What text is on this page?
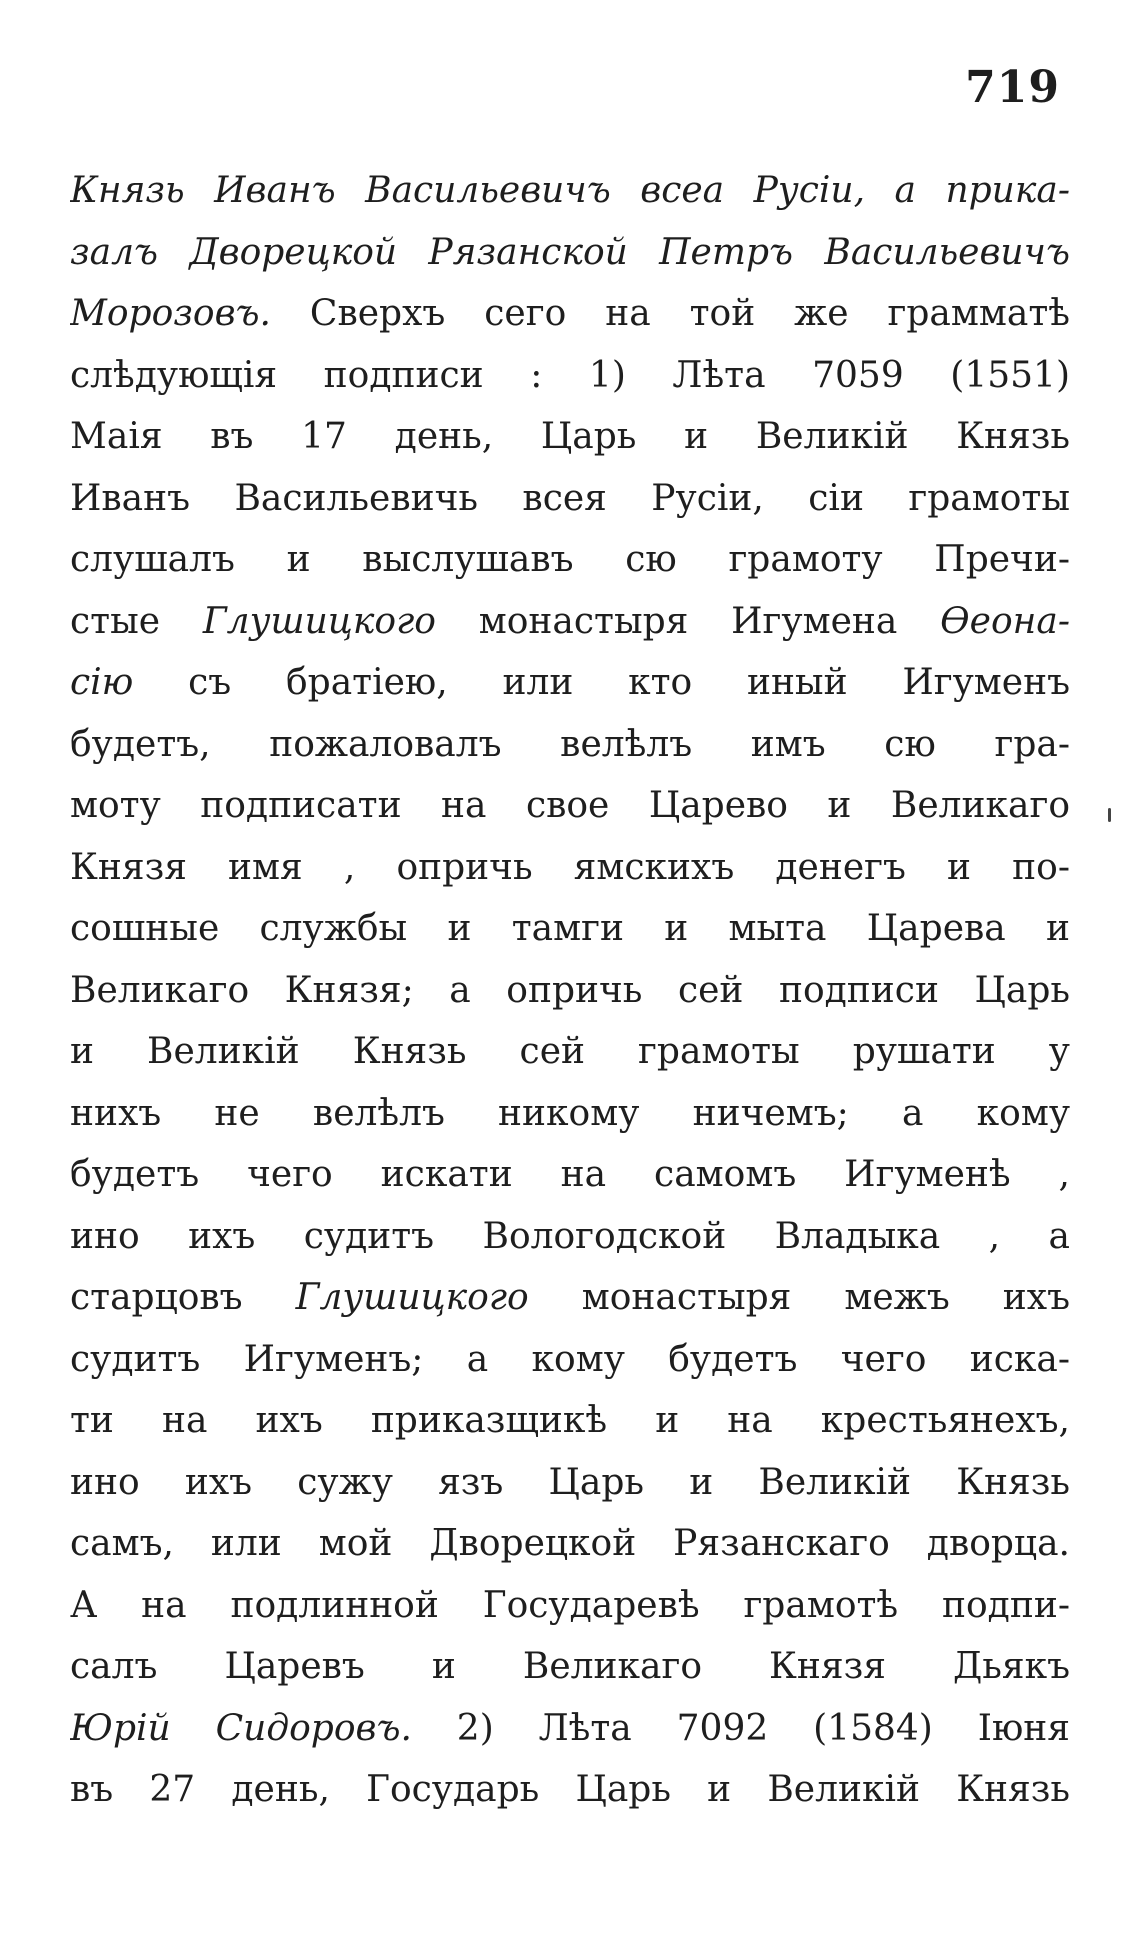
719
Князь Иванъ Васильевичъ всеа Русiи, а прика-
залъ Дворецкой Рязанской Петръ Васильевичъ
Морозовъ. Сверхъ сего на той же грамматѣ
слѣдующiя подписи : 1) Лѣта 7059 (1551)
Маiя въ 17 день, Царь и Великiй Князь
Иванъ Васильевичь всея Русiи, сiи грамоты
слушалъ и выслушавъ сю грамоту Пречи-
стые Глушицкого монастыря Игумена Ѳеона-
сiю съ братiею, или кто иный Игуменъ
будетъ, пожаловалъ велѣлъ имъ сю гра-
моту подписати на свое Царево и Великаго
Князя имя , опричь ямскихъ денегъ и по-
сошные службы и тамги и мыта Царева и
Великаго Князя; а опричь сей подписи Царь
и Великiй Князь сей грамоты рушати у
нихъ не велѣлъ никому ничемъ; а кому
будетъ чего искати на самомъ Игуменѣ ,
ино ихъ судитъ Вологодской Владыка , а
старцовъ Глушицкого монастыря межъ ихъ
судитъ Игуменъ; а кому будетъ чего иска-
ти на ихъ приказщикѣ и на крестьянехъ,
ино ихъ сужу язъ Царь и Великiй Князь
самъ, или мой Дворецкой Рязанскаго дворца.
А на подлинной Государевѣ грамотѣ подпи-
салъ Царевъ и Великаго Князя Дьякъ
Юрiй Сидоровъ. 2) Лѣта 7092 (1584) Iюня
въ 27 день, Государь Царь и Великiй Князь
